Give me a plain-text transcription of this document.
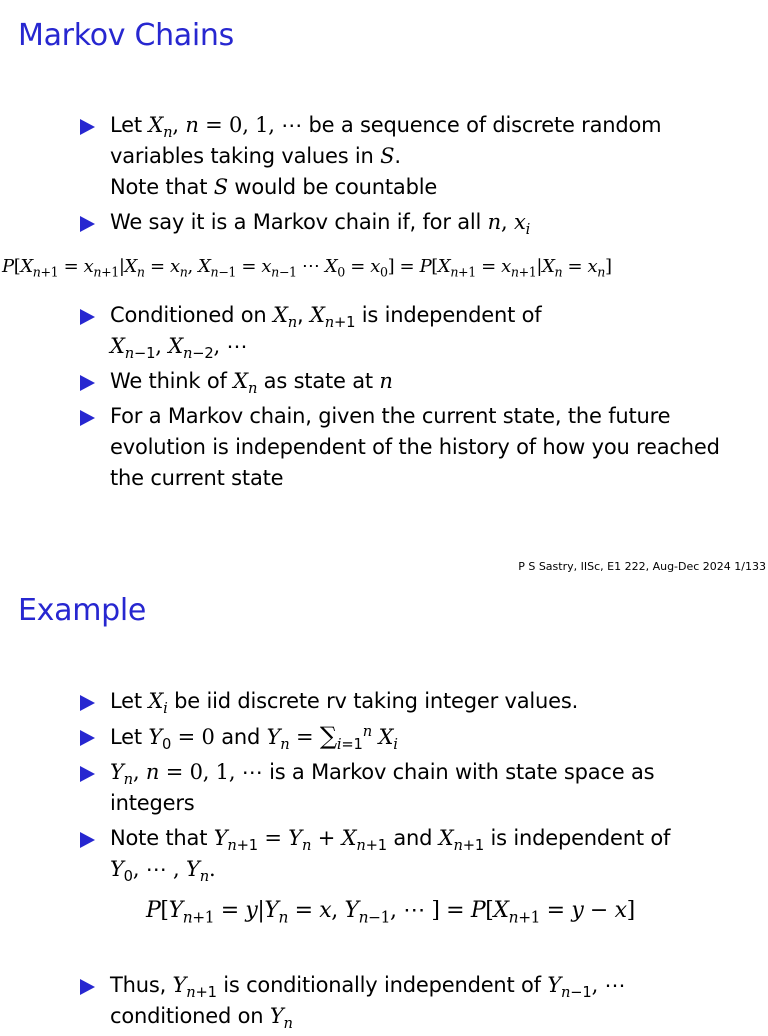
Markov Chains
Let $X_n$, n = 0, 1, ⋯ be a sequence of discrete random variables taking values in S.
Note that S would be countable
We say it is a Markov chain if, for all n, $x_i$
$P[X_{n+1} = x_{n+1}|X_n = x_n$, $X_{n-1} = x_{n-1}$ ⋯ $X_0 = x_0] = P[X_{n+1} = x_{n+1}|X_n = x_n]$
Conditioned on $X_n$, $X_{n+1}$ is independent of
$X_{n-1}$, $X_{n-2}$, ⋯
We think of $X_n$ as state at n
For a Markov chain, given the current state, the future evolution is independent of the history of how you reached the current state
P S Sastry, IISc, E1 222, Aug-Dec 2024 1/133
Example
Let $X_i$ be iid discrete rv taking integer values.
Let $Y_0 = 0$ and $Y_n = \sum_{i=1}^n$ $X_i$
$Y_n$, n = 0, 1, ⋯ is a Markov chain with state space as integers
Note that $Y_{n+1} = Y_n + X_{n+1}$ and $X_{n+1}$ is independent of
$Y_0$, ⋯ , $Y_n$.
$P[Y_{n+1} = y|Y_n = x$, $Y_{n-1}$, ⋯ ] = $P[X_{n+1} = y - x]$
Thus, $Y_{n+1}$ is conditionally independent of $Y_{n-1}$, ⋯
conditioned on $Y_n$
